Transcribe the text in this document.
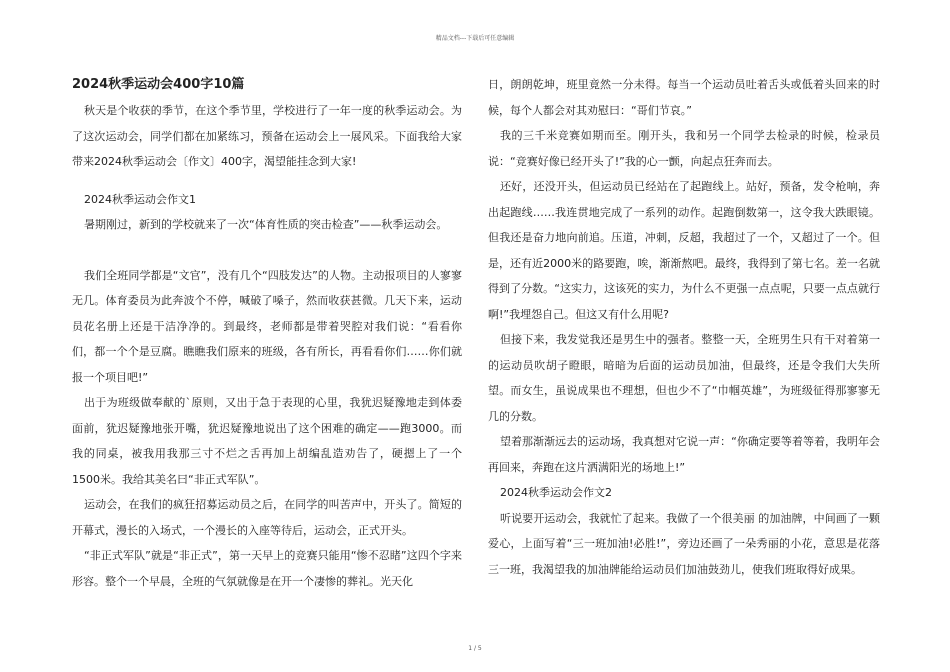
精品文档---下载后可任意编辑

2024秋季运动会400字10篇

秋天是个收获的季节，在这个季节里，学校进行了一年一度的秋季运动会。为了这次运动会，同学们都在加紧练习，预备在运动会上一展风采。下面我给大家带来2024秋季运动会〔作文〕400字，渴望能挂念到大家!

2024秋季运动会作文1

暑期刚过，新到的学校就来了一次“体育性质的突击检查”——秋季运动会。

我们全班同学都是“文官”，没有几个“四肢发达”的人物。主动报项目的人寥寥无几。体育委员为此奔波个不停，喊破了嗓子，然而收获甚微。几天下来，运动员花名册上还是干洁净净的。到最终，老师都是带着哭腔对我们说：“看看你们，都一个个是豆腐。瞧瞧我们原来的班级，各有所长，再看看你们……你们就报一个项目吧!”

出于为班级做奉献的`原则，又出于急于表现的心里，我犹迟疑豫地走到体委面前，犹迟疑豫地张开嘴，犹迟疑豫地说出了这个困难的确定——跑3000。而我的同桌，被我用我那三寸不烂之舌再加上胡编乱造劝告了，硬摁上了一个1500米。我给其美名曰“非正式军队”。

运动会，在我们的疯狂招募运动员之后，在同学的叫苦声中，开头了。简短的开幕式，漫长的入场式，一个漫长的入座等待后，运动会，正式开头。

“非正式军队”就是“非正式”，第一天早上的竞赛只能用“惨不忍睹”这四个字来形容。整个一个早晨，全班的气氛就像是在开一个凄惨的葬礼。光天化

日，朗朗乾坤，班里竟然一分未得。每当一个运动员吐着舌头或低着头回来的时候，每个人都会对其劝慰曰：“哥们节哀。”

我的三千米竞赛如期而至。刚开头，我和另一个同学去检录的时候，检录员说：“竞赛好像已经开头了!”我的心一颤，向起点狂奔而去。

还好，还没开头，但运动员已经站在了起跑线上。站好，预备，发令枪响，奔出起跑线……我连贯地完成了一系列的动作。起跑倒数第一，这令我大跌眼镜。但我还是奋力地向前追。压道，冲刺，反超，我超过了一个，又超过了一个。但是，还有近2000米的路要跑，唉，渐渐熬吧。最终，我得到了第七名。差一名就得到了分数。“这实力，这该死的实力，为什么不更强一点点呢，只要一点点就行啊!”我埋怨自己。但这又有什么用呢?

但接下来，我发觉我还是男生中的强者。整整一天，全班男生只有干对着第一的运动员吹胡子瞪眼，暗暗为后面的运动员加油，但最终，还是令我们大失所望。而女生，虽说成果也不理想，但也少不了“巾帼英雄”，为班级征得那寥寥无几的分数。

望着那渐渐远去的运动场，我真想对它说一声：“你确定要等着等着，我明年会再回来，奔跑在这片洒满阳光的场地上!”

2024秋季运动会作文2

听说要开运动会，我就忙了起来。我做了一个很美丽 的加油牌，中间画了一颗爱心，上面写着“三一班加油!必胜!”，旁边还画了一朵秀丽的小花，意思是花落三一班，我渴望我的加油牌能给运动员们加油鼓劲儿，使我们班取得好成果。

1 / 5
